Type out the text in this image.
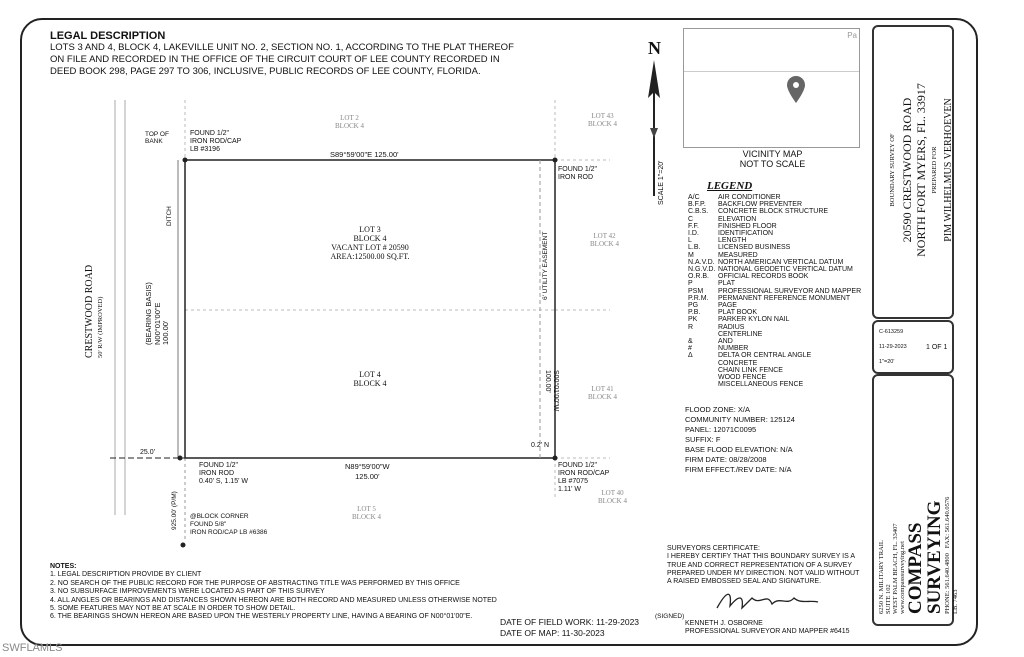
LEGAL DESCRIPTION
LOTS 3 AND 4, BLOCK 4, LAKEVILLE UNIT NO. 2, SECTION NO. 1, ACCORDING TO THE PLAT THEREOF ON FILE AND RECORDED IN THE OFFICE OF THE CIRCUIT COURT OF LEE COUNTY RECORDED IN DEED BOOK 298, PAGE 297 TO 306, INCLUSIVE, PUBLIC RECORDS OF LEE COUNTY, FLORIDA.
LOT 2
BLOCK 4
LOT 43
BLOCK 4
LOT 42
BLOCK 4
LOT 41
BLOCK 4
LOT 40
BLOCK 4
LOT 5
BLOCK 4
LOT 3
BLOCK 4
VACANT LOT # 20590
AREA:12500.00 SQ.FT.
LOT 4
BLOCK 4
TOP OF
BANK
DITCH
FOUND 1/2"
IRON ROD/CAP
LB #3196
S89°59'00"E 125.00'
FOUND 1/2"
IRON ROD
6' UTILITY EASEMENT
S00°01'00"W
100.00'
(BEARING BASIS) N00°01'00"E 100.00'
CRESTWOOD ROAD 50' R/W (IMPROVED)
25.0'
0.2' N
FOUND 1/2"
IRON ROD
0.40' S, 1.15' W
N89°59'00"W
125.00'
FOUND 1/2"
IRON ROD/CAP
LB #7075
1.11' W
925.00' (P/M) @BLOCK CORNER
FOUND 5/8"
IRON ROD/CAP LB #6386
N
SCALE 1"=20'
Pa
VICINITY MAP
NOT TO SCALE
LEGEND
A/C	AIR CONDITIONER
B.F.P.	BACKFLOW PREVENTER
C.B.S.	CONCRETE BLOCK STRUCTURE
C	ELEVATION
F.F.	FINISHED FLOOR
I.D.	IDENTIFICATION
L	LENGTH
L.B.	LICENSED BUSINESS
M	MEASURED
N.A.V.D. NORTH AMERICAN VERTICAL DATUM
N.G.V.D. NATIONAL GEODETIC VERTICAL DATUM
O.R.B.	OFFICIAL RECORDS BOOK
P	PLAT
PSM	PROFESSIONAL SURVEYOR AND MAPPER
P.R.M.	PERMANENT REFERENCE MONUMENT
PG	PAGE
P.B.	PLAT BOOK
PK	PARKER KYLON NAIL
R	RADIUS
CENTERLINE
&	AND
#	NUMBER
Δ	DELTA OR CENTRAL ANGLE
CONCRETE
CHAIN LINK FENCE
WOOD FENCE
MISCELLANEOUS FENCE
FLOOD ZONE: X/A
COMMUNITY NUMBER: 125124
PANEL: 12071C0095
SUFFIX: F
BASE FLOOD ELEVATION: N/A
FIRM DATE: 08/28/2008
FIRM EFFECT./REV DATE: N/A
SURVEYORS CERTIFICATE:
I HEREBY CERTIFY THAT THIS BOUNDARY SURVEY IS A TRUE AND CORRECT REPRESENTATION OF A SURVEY PREPARED UNDER MY DIRECTION. NOT VALID WITHOUT A RAISED EMBOSSED SEAL AND SIGNATURE.
(SIGNED)
KENNETH J. OSBORNE
PROFESSIONAL SURVEYOR AND MAPPER #6415
NOTES:
1. LEGAL DESCRIPTION PROVIDE BY CLIENT
2. NO SEARCH OF THE PUBLIC RECORD FOR THE PURPOSE OF ABSTRACTING TITLE WAS PERFORMED BY THIS OFFICE
3. NO SUBSURFACE IMPROVEMENTS WERE LOCATED AS PART OF THIS SURVEY
4. ALL ANGLES OR BEARINGS AND DISTANCES SHOWN HEREON ARE BOTH RECORD AND MEASURED UNLESS OTHERWISE NOTED
5. SOME FEATURES MAY NOT BE AT SCALE IN ORDER TO SHOW DETAIL.
6. THE BEARINGS SHOWN HEREON ARE BASED UPON THE WESTERLY PROPERTY LINE, HAVING A BEARING OF N00°01'00"E.
DATE OF FIELD WORK: 11-29-2023
DATE OF MAP: 11-30-2023
BOUNDARY SURVEY OF 20590 CRESTWOOD ROAD NORTH FORT MYERS, FL. 33917 PREPARED FOR PIM WILHELMUS VERHOEVEN
C-613259
11-29-2023
1"=20'
1 OF 1
6250 N. MILITARY TRAIL SUITE 102 WEST PALM BEACH, FL. 33407 www.compasssurveying.net COMPASS
SURVEYING PHONE: 561.640.4800   FAX: 561.640.0576
LB. 7463
SWFLAMLS
